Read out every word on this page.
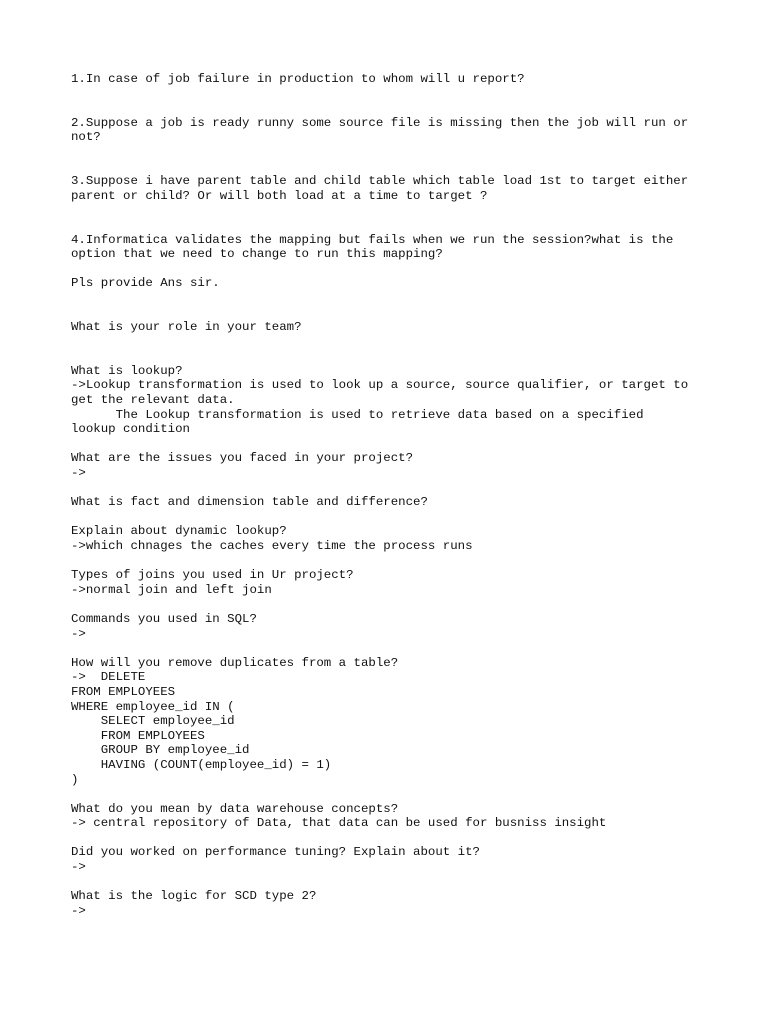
1.In case of job failure in production to whom will u report?
2.Suppose a job is ready runny some source file is missing then the job will run or
not?
3.Suppose i have parent table and child table which table load 1st to target either
parent or child? Or will both load at a time to target ?
4.Informatica validates the mapping but fails when we run the session?what is the
option that we need to change to run this mapping?
Pls provide Ans sir.
What is your role in your team?
What is lookup?
->Lookup transformation is used to look up a source, source qualifier, or target to
get the relevant data.
The Lookup transformation is used to retrieve data based on a specified
lookup condition
What are the issues you faced in your project?
->
What is fact and dimension table and difference?
Explain about dynamic lookup?
->which chnages the caches every time the process runs
Types of joins you used in Ur project?
->normal join and left join
Commands you used in SQL?
->
How will you remove duplicates from a table?
->  DELETE
FROM EMPLOYEES
WHERE employee_id IN (
SELECT employee_id
FROM EMPLOYEES
GROUP BY employee_id
HAVING (COUNT(employee_id) = 1)
)
What do you mean by data warehouse concepts?
-> central repository of Data, that data can be used for busniss insight
Did you worked on performance tuning? Explain about it?
->
What is the logic for SCD type 2?
->
